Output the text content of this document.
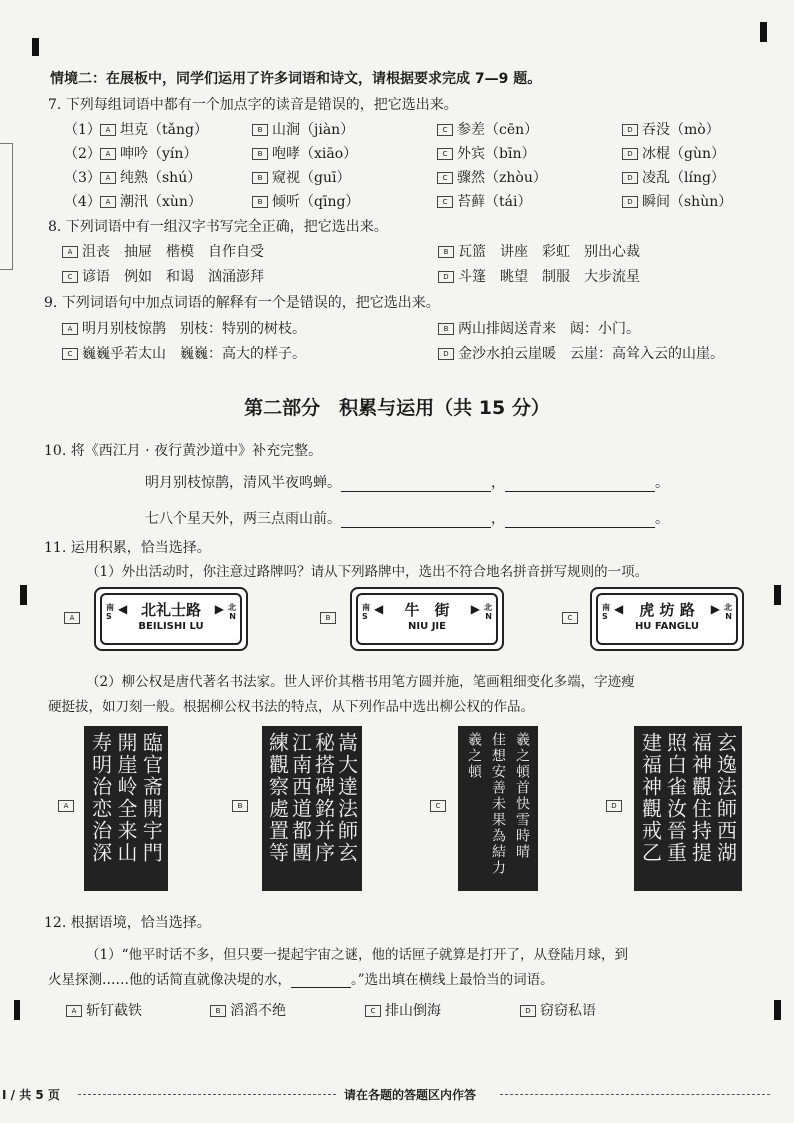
情境二：在展板中，同学们运用了许多词语和诗文，请根据要求完成 7—9 题。
7. 下列每组词语中都有一个加点字的读音是错误的，把它选出来。
（1） A 坦克（tǎng）	B 山涧（jiàn）	C 参差（cēn）	D 吞没（mò）
（2） A 呻吟（yín）	B 咆哮（xiāo）	C 外宾（bīn）	D 冰棍（gùn）
（3） A 纯熟（shú）	B 窥视（guī）	C 骤然（zhòu）	D 凌乱（líng）
（4） A 潮汛（xùn）	B 倾听（qīng）	C 苔藓（tái）	D 瞬间（shùn）
8. 下列词语中有一组汉字书写完全正确，把它选出来。
A 沮丧　抽屉　楷模　自作自受	B 瓦篮　讲座　彩虹　别出心裁
C 谚语　例如　和谒　汹涌澎拜	D 斗篷　眺望　制服　大步流星
9. 下列词语句中加点词语的解释有一个是错误的，把它选出来。
A 明月别枝惊鹊　别枝：特别的树枝。	B 两山排闼送青来　闼：小门。
C 巍巍乎若太山　巍巍：高大的样子。	D 金沙水拍云崖暖　云崖：高耸入云的山崖。
第二部分　积累与运用（共 15 分）
10. 将《西江月 · 夜行黄沙道中》补充完整。
明月别枝惊鹊，清风半夜鸣蝉。	，	。
七八个星天外，两三点雨山前。	，	。
11. 运用积累，恰当选择。
（1）外出活动时，你注意过路牌吗？请从下列路牌中，选出不符合地名拼音拼写规则的一项。
A
南
S
◀	▶ 北
N
北礼士路
BEILISHI LU
B
南
S
◀	▶ 北
N
牛　街
NIU JIE
C
南
S
◀	▶ 北
N
虎 坊 路
HU FANGLU
（2）柳公权是唐代著名书法家。世人评价其楷书用笔方圆并施，笔画粗细变化多端，字迹瘦
硬挺拔，如刀刻一般。根据柳公权书法的特点，从下列作品中选出柳公权的作品。
A	臨官斋開宇門
開崖岭全来山
寿明治恋治深	B	嵩大達法師玄
秘搭碑銘并序
江南西道都團
練觀察處置等	C	羲之頓首快雪時晴
佳想安善未果為結力
羲之頓
D	玄逸法師西湖
福神觀住持提
照白雀汝晉重
建福神觀戒乙
12. 根据语境，恰当选择。
（1）“他平时话不多，但只要一提起宇宙之谜，他的话匣子就算是打开了，从登陆月球，到
火星探测……他的话简直就像决堤的水，	。”选出填在横线上最恰当的词语。
A 斩钉截铁	B 滔滔不绝	C 排山倒海	D 窃窃私语
I / 共 5 页	请在各题的答题区内作答
